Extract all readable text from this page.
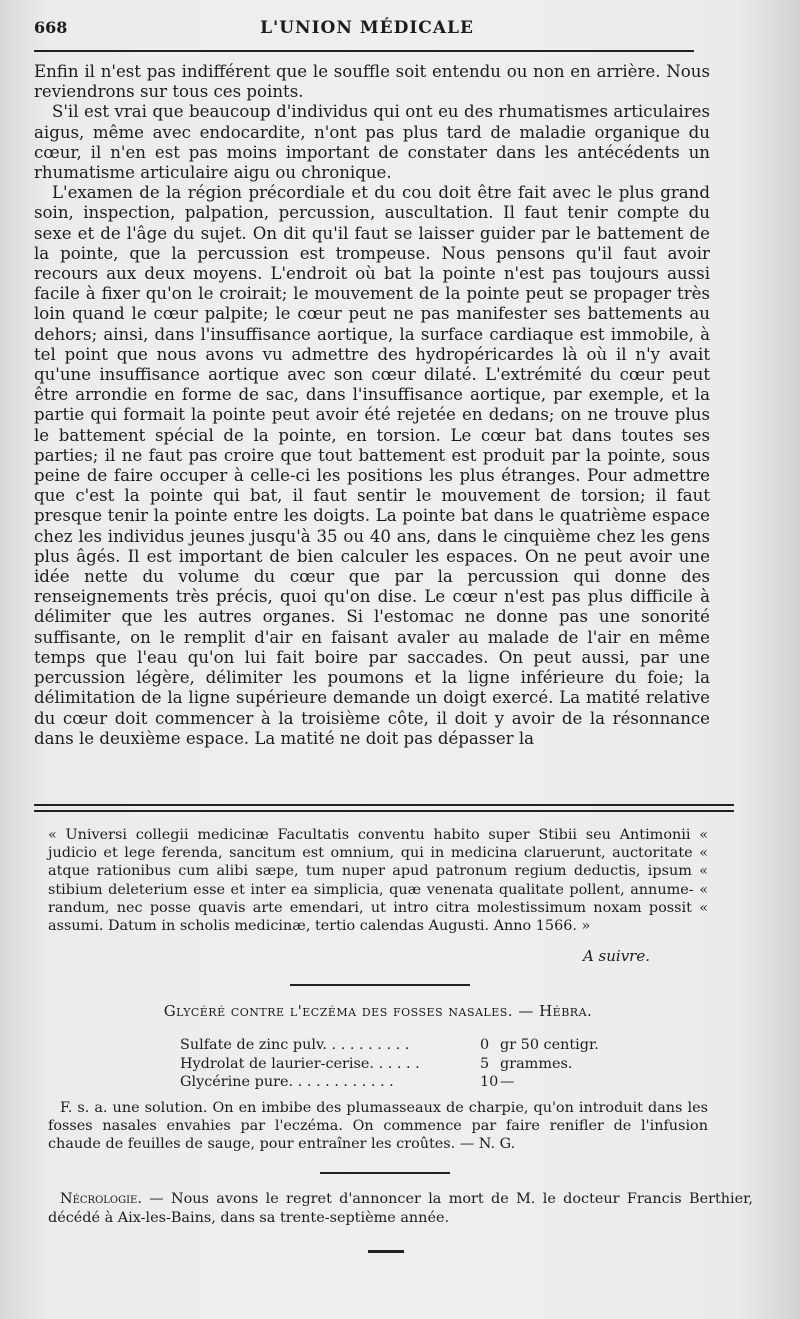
668	L'UNION MÉDICALE

Enfin il n'est pas indifférent que le souffle soit entendu ou non en arrière. Nous reviendrons sur tous ces points.

S'il est vrai que beaucoup d'individus qui ont eu des rhumatismes articulaires aigus, même avec endocardite, n'ont pas plus tard de maladie organique du cœur, il n'en est pas moins important de constater dans les antécédents un rhumatisme articulaire aigu ou chronique.

L'examen de la région précordiale et du cou doit être fait avec le plus grand soin, inspection, palpation, percussion, auscultation. Il faut tenir compte du sexe et de l'âge du sujet. On dit qu'il faut se laisser guider par le battement de la pointe, que la percussion est trompeuse. Nous pensons qu'il faut avoir recours aux deux moyens. L'endroit où bat la pointe n'est pas toujours aussi facile à fixer qu'on le croirait; le mouvement de la pointe peut se propager très loin quand le cœur palpite; le cœur peut ne pas manifester ses battements au dehors; ainsi, dans l'insuffisance aortique, la surface cardiaque est immobile, à tel point que nous avons vu admettre des hydropéricardes là où il n'y avait qu'une insuffisance aortique avec son cœur dilaté. L'extrémité du cœur peut être arrondie en forme de sac, dans l'insuffisance aortique, par exemple, et la partie qui formait la pointe peut avoir été rejetée en dedans; on ne trouve plus le battement spécial de la pointe, en torsion. Le cœur bat dans toutes ses parties; il ne faut pas croire que tout battement est produit par la pointe, sous peine de faire occuper à celle-ci les positions les plus étranges. Pour admettre que c'est la pointe qui bat, il faut sentir le mouvement de torsion; il faut presque tenir la pointe entre les doigts. La pointe bat dans le quatrième espace chez les individus jeunes jusqu'à 35 ou 40 ans, dans le cinquième chez les gens plus âgés. Il est important de bien calculer les espaces. On ne peut avoir une idée nette du volume du cœur que par la percussion qui donne des renseignements très précis, quoi qu'on dise. Le cœur n'est pas plus difficile à délimiter que les autres organes. Si l'estomac ne donne pas une sonorité suffisante, on le remplit d'air en faisant avaler au malade de l'air en même temps que l'eau qu'on lui fait boire par saccades. On peut aussi, par une percussion légère, délimiter les poumons et la ligne inférieure du foie; la délimitation de la ligne supérieure demande un doigt exercé. La matité relative du cœur doit commencer à la troisième côte, il doit y avoir de la résonnance dans le deuxième espace. La matité ne doit pas dépasser la

« Universi collegii medicinæ Facultatis conventu habito super Stibii seu Antimonii « judicio et lege ferenda, sancitum est omnium, qui in medicina claruerunt, auctoritate « atque rationibus cum alibi sæpe, tum nuper apud patronum regium deductis, ipsum « stibium deleterium esse et inter ea simplicia, quæ venenata qualitate pollent, annume- « randum, nec posse quavis arte emendari, ut intro citra molestissimum noxam possit « assumi. Datum in scholis medicinæ, tertio calendas Augusti. Anno 1566. »

A suivre.
Glycéré contre l'eczéma des fosses nasales. — Hébra.
Sulfate de zinc pulv. . . . . . . . . .	0 gr 50 centigr.
Hydrolat de laurier-cerise. . . . . .	5 grammes.
Glycérine pure. . . . . . . . . . . .	10 —

F. s. a. une solution. On en imbibe des plumasseaux de charpie, qu'on introduit dans les fosses nasales envahies par l'eczéma. On commence par faire renifler de l'infusion chaude de feuilles de sauge, pour entraîner les croûtes. — N. G.

Nécrologie. — Nous avons le regret d'annoncer la mort de M. le docteur Francis Berthier, décédé à Aix-les-Bains, dans sa trente-septième année.
